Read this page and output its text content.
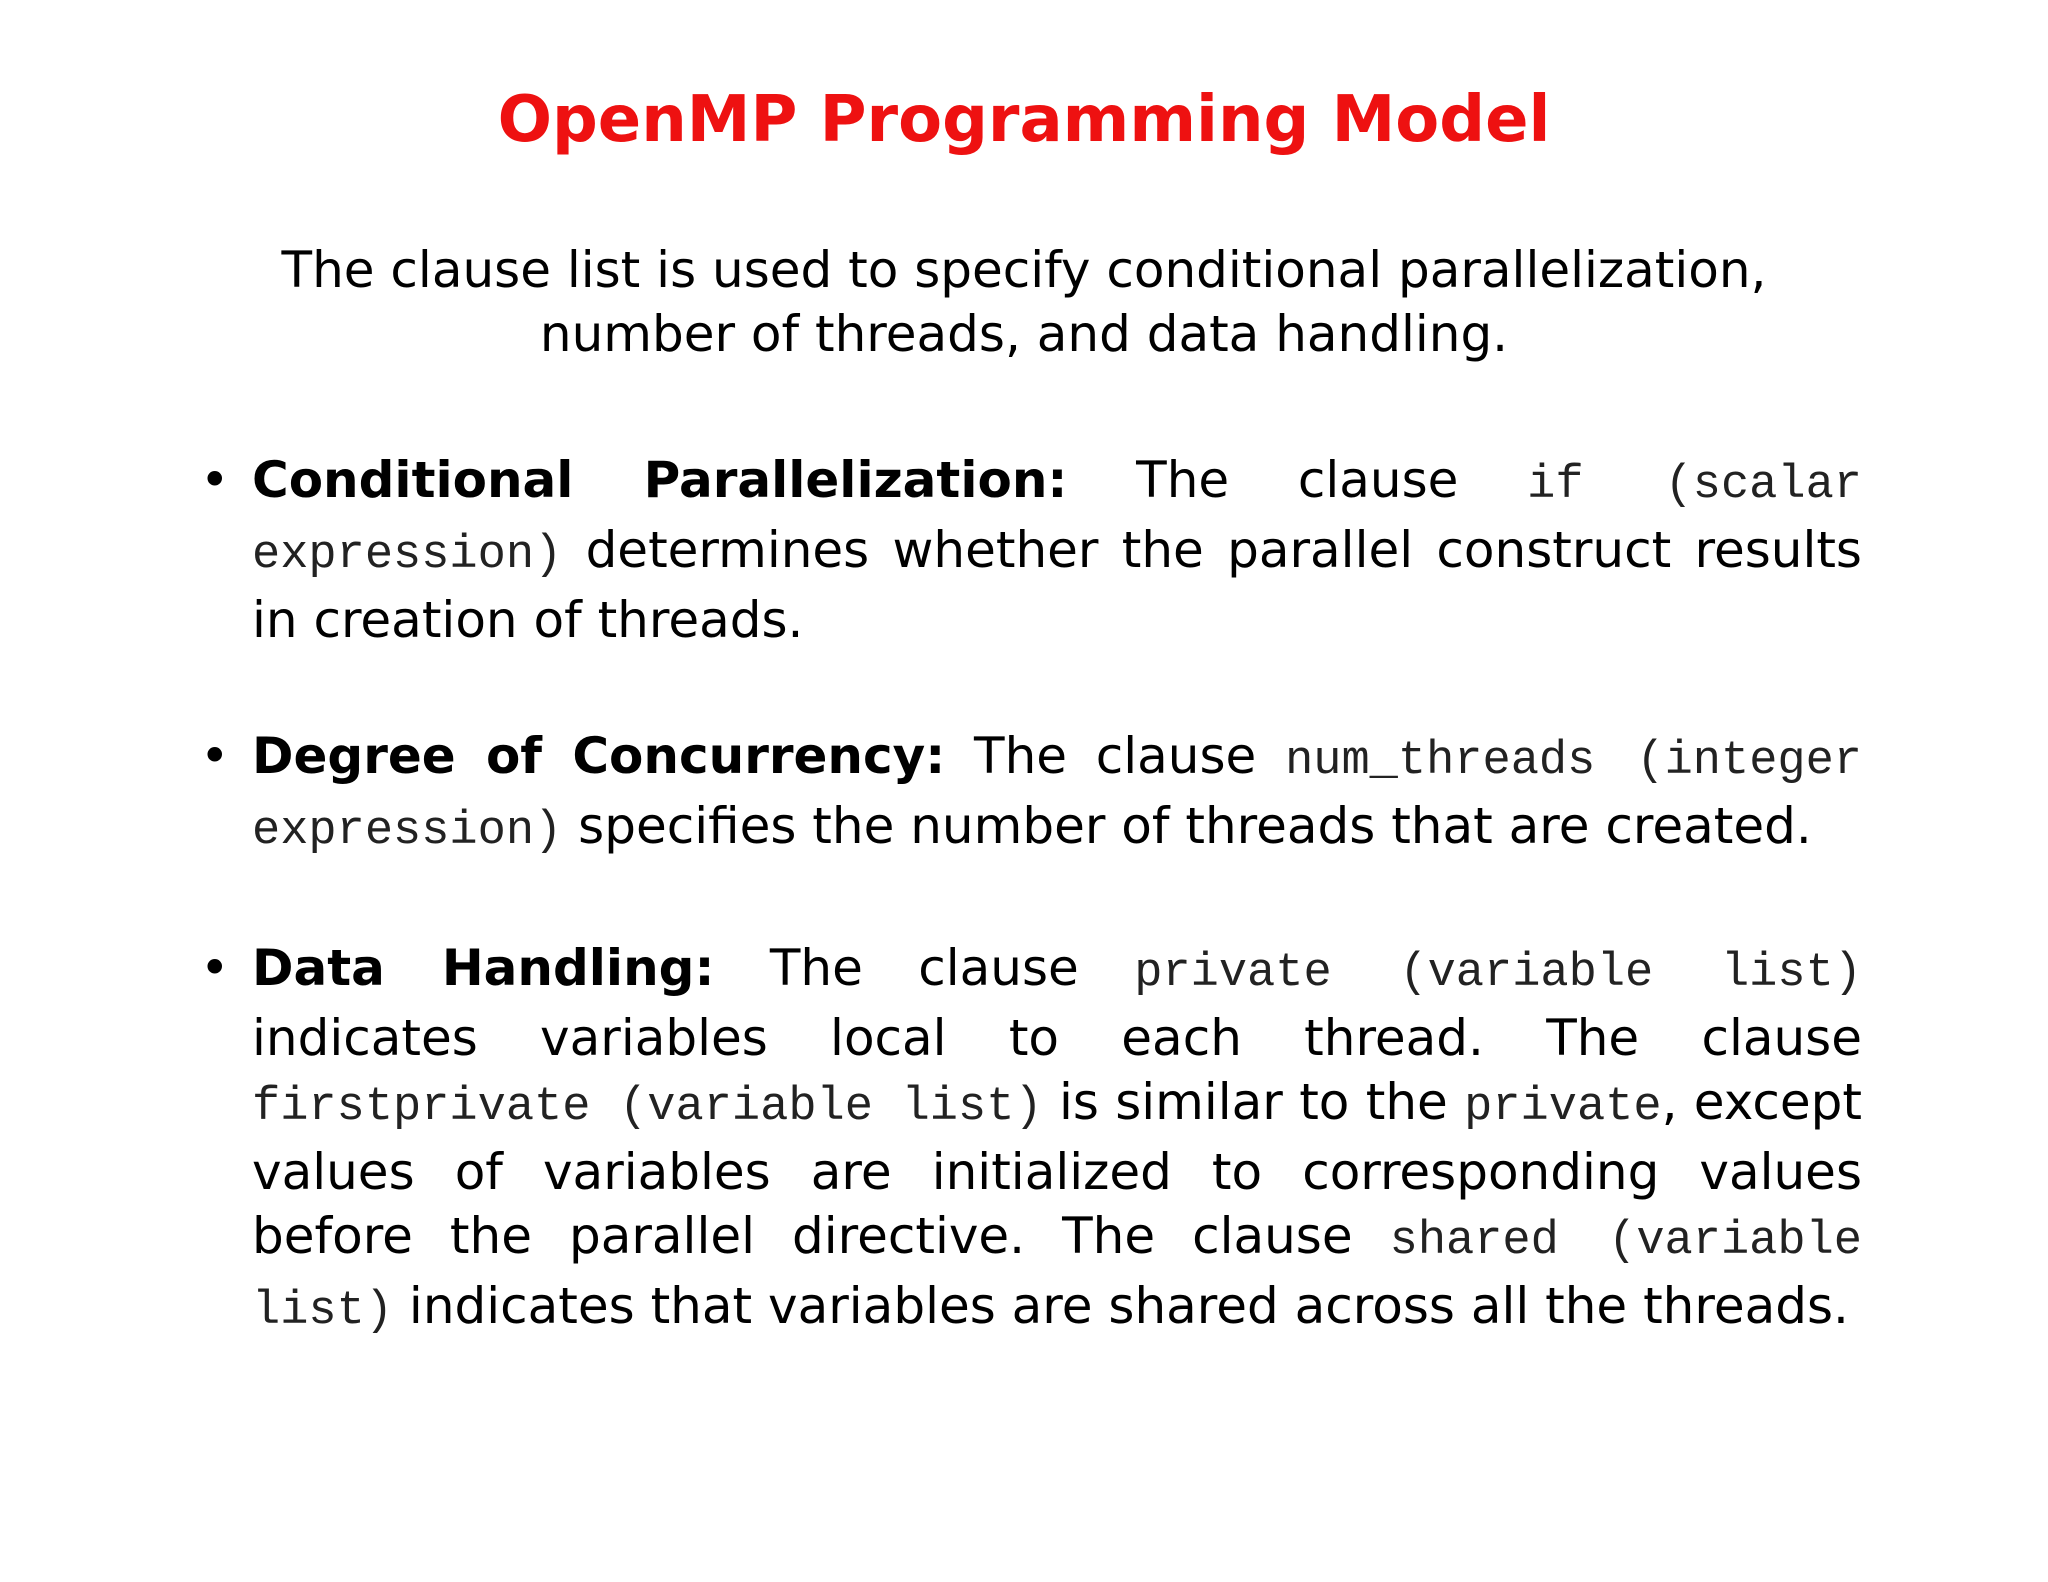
OpenMP Programming Model

The clause list is used to specify conditional parallelization,
number of threads, and data handling.

• Conditional Parallelization: The clause if (scalar expression) determines whether the parallel construct results in creation of threads.
• Degree of Concurrency: The clause num_threads (integer expression) specifies the number of threads that are created.
• Data Handling: The clause private (variable list) indicates variables local to each thread. The clause firstprivate (variable list) is similar to the private, except values of variables are initialized to corresponding values before the parallel directive. The clause shared (variable list) indicates that variables are shared across all the threads.
